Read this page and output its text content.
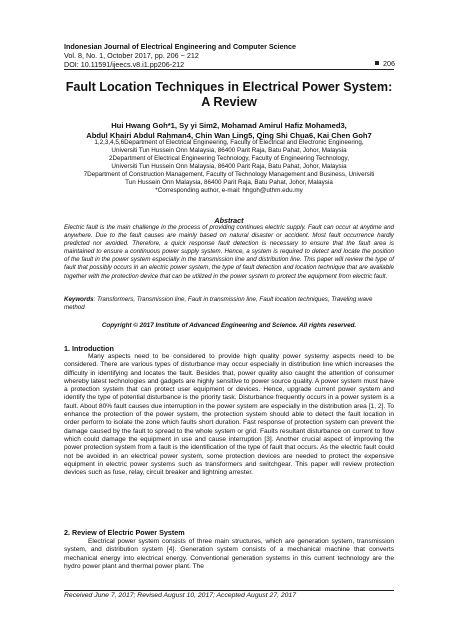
Indonesian Journal of Electrical Engineering and Computer Science
Vol. 8, No. 1, October 2017, pp. 206 ~ 212
DOI: 10.11591/ijeecs.v8.i1.pp206-212	206
Fault Location Techniques in Electrical Power System: A Review
Hui Hwang Goh*1, Sy yi Sim2, Mohamad Amirul Hafiz Mohamed3,
Abdul Khairi Abdul Rahman4, Chin Wan Ling5, Qing Shi Chua6, Kai Chen Goh7
1,2,3,4,5,6Department of Electrical Engineering, Faculty of Electrical and Electronic Engineering,
Universiti Tun Hussein Onn Malaysia, 86400 Parit Raja, Batu Pahat, Johor, Malaysia
2Department of Electrical Engineering Technology, Faculty of Engineering Technology,
Universiti Tun Hussein Onn Malaysia, 86400 Parit Raja, Batu Pahat, Johor, Malaysia
7Department of Construction Management, Faculty of Technology Management and Business, Universiti
Tun Hussein Onn Malaysia, 86400 Parit Raja, Batu Pahat, Johor, Malaysia
*Corresponding author, e-mail: hhgoh@uthm.edu.my
Abstract

Electric fault is the main challenge in the process of providing continues electric supply. Fault can occur at anytime and anywhere. Due to the fault causes are mainly based on natural disaster or accident. Most fault occurrence hardly predicted nor avoided. Therefore, a quick response fault detection is necessary to ensure that the fault area is maintained to ensure a continuous power supply system. Hence, a system is required to detect and locate the position of the fault in the power system especially in the transmission line and distribution line. This paper will review the type of fault that possibly occurs in an electric power system, the type of fault detection and location technique that are available together with the protection device that can be utilized in the power system to protect the equipment from electric fault.

Keywords: Transformers, Transmission line, Fault in transmission line, Fault location techniques, Traveling wave method

Copyright © 2017 Institute of Advanced Engineering and Science. All rights reserved.
1. Introduction

Many aspects need to be considered to provide high quality power systemy aspects need to be considered. There are various types of disturbance may occur especially in distribution line which increases the difficulty in identifying and locates the fault. Besides that, power quality also caught the attention of consumer whereby latest technologies and gadgets are highly sensitive to power source quality. A power system must have a protection system that can protect user equipment or devices. Hence, upgrade current power system and identify the type of potential disturbance is the priority task. Disturbance frequently occurs in a power system is a fault. About 80% fault causes due interruption in the power system are especially in the distribution area [1, 2]. To enhance the protection of the power system, the protection system should able to detect the fault location in order perform to isolate the zone which faults short duration. Fast response of protection system can prevent the damage caused by the fault to spread to the whole system or grid. Faults resultant disturbance on current to flow which could damage the equipment in use and cause interruption [3]. Another crucial aspect of improving the power protection system from a fault is the identification of the type of fault that occurs. As the electric fault could not be avoided in an electrical power system, some protection devices are needed to protect the expensive equipment in electric power systems such as transformers and switchgear. This paper will review protection devices such as fuse, relay, circuit breaker and lightning arrester.

2. Review of Electric Power System

Electrical power system consists of three main structures, which are generation system, transmission system, and distribution system [4]. Generation system consists of a mechanical machine that converts mechanical energy into electrical energy. Conventional generation systems in this current technology are the hydro power plant and thermal power plant. The

Received June 7, 2017; Revised August 10, 2017; Accepted August 27, 2017
